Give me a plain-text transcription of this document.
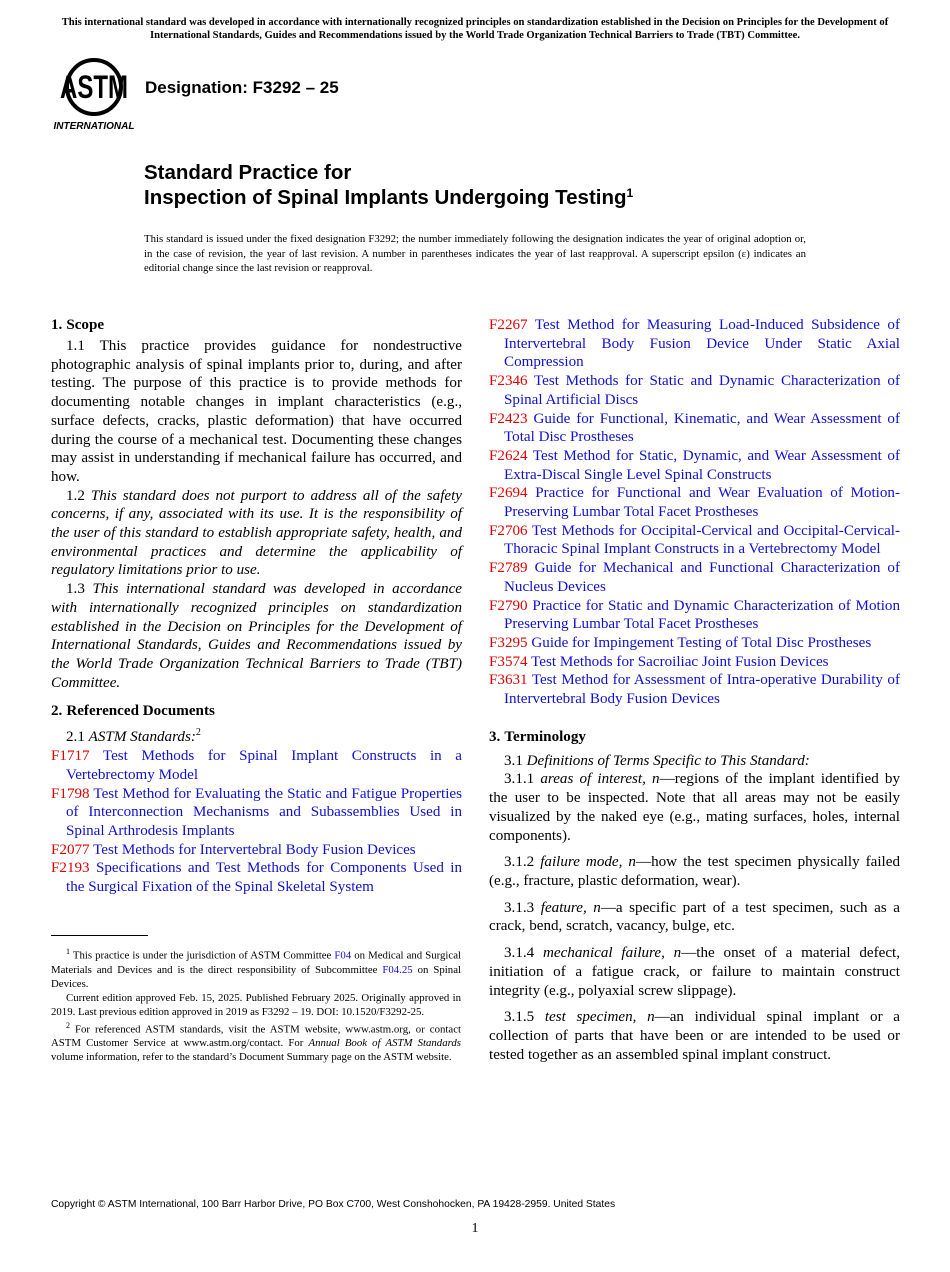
This international standard was developed in accordance with internationally recognized principles on standardization established in the Decision on Principles for the Development of International Standards, Guides and Recommendations issued by the World Trade Organization Technical Barriers to Trade (TBT) Committee.
ASTM
INTERNATIONAL
Designation: F3292 – 25
Standard Practice for
Inspection of Spinal Implants Undergoing Testing$^1$
This standard is issued under the fixed designation F3292; the number immediately following the designation indicates the year of original adoption or, in the case of revision, the year of last revision. A number in parentheses indicates the year of last reapproval. A superscript epsilon (ε) indicates an editorial change since the last revision or reapproval.
1. Scope

1.1 This practice provides guidance for nondestructive photographic analysis of spinal implants prior to, during, and after testing. The purpose of this practice is to provide methods for documenting notable changes in implant characteristics (e.g., surface defects, cracks, plastic deformation) that have occurred during the course of a mechanical test. Documenting these changes may assist in understanding if mechanical failure has occurred, and how.

1.2 This standard does not purport to address all of the safety concerns, if any, associated with its use. It is the responsibility of the user of this standard to establish appropriate safety, health, and environmental practices and determine the applicability of regulatory limitations prior to use.

1.3 This international standard was developed in accordance with internationally recognized principles on standardization established in the Decision on Principles for the Development of International Standards, Guides and Recommendations issued by the World Trade Organization Technical Barriers to Trade (TBT) Committee.

2. Referenced Documents

2.1 ASTM Standards:$^2$

F1717 Test Methods for Spinal Implant Constructs in a Vertebrectomy Model

F1798 Test Method for Evaluating the Static and Fatigue Properties of Interconnection Mechanisms and Subassemblies Used in Spinal Arthrodesis Implants

F2077 Test Methods for Intervertebral Body Fusion Devices

F2193 Specifications and Test Methods for Components Used in the Surgical Fixation of the Spinal Skeletal System

F2267 Test Method for Measuring Load-Induced Subsidence of Intervertebral Body Fusion Device Under Static Axial Compression

F2346 Test Methods for Static and Dynamic Characterization of Spinal Artificial Discs

F2423 Guide for Functional, Kinematic, and Wear Assessment of Total Disc Prostheses

F2624 Test Method for Static, Dynamic, and Wear Assessment of Extra-Discal Single Level Spinal Constructs

F2694 Practice for Functional and Wear Evaluation of Motion-Preserving Lumbar Total Facet Prostheses

F2706 Test Methods for Occipital-Cervical and Occipital-Cervical-Thoracic Spinal Implant Constructs in a Vertebrectomy Model

F2789 Guide for Mechanical and Functional Characterization of Nucleus Devices

F2790 Practice for Static and Dynamic Characterization of Motion Preserving Lumbar Total Facet Prostheses

F3295 Guide for Impingement Testing of Total Disc Prostheses

F3574 Test Methods for Sacroiliac Joint Fusion Devices

F3631 Test Method for Assessment of Intra-operative Durability of Intervertebral Body Fusion Devices

3. Terminology

3.1 Definitions of Terms Specific to This Standard:

3.1.1 areas of interest, n—regions of the implant identified by the user to be inspected. Note that all areas may not be easily visualized by the naked eye (e.g., mating surfaces, holes, internal components).

3.1.2 failure mode, n—how the test specimen physically failed (e.g., fracture, plastic deformation, wear).

3.1.3 feature, n—a specific part of a test specimen, such as a crack, bend, scratch, vacancy, bulge, etc.

3.1.4 mechanical failure, n—the onset of a material defect, initiation of a fatigue crack, or failure to maintain construct integrity (e.g., polyaxial screw slippage).

3.1.5 test specimen, n—an individual spinal implant or a collection of parts that have been or are intended to be used or tested together as an assembled spinal implant construct.

$^1$ This practice is under the jurisdiction of ASTM Committee F04 on Medical and Surgical Materials and Devices and is the direct responsibility of Subcommittee F04.25 on Spinal Devices.

Current edition approved Feb. 15, 2025. Published February 2025. Originally approved in 2019. Last previous edition approved in 2019 as F3292 – 19. DOI: 10.1520/F3292-25.

$^2$ For referenced ASTM standards, visit the ASTM website, www.astm.org, or contact ASTM Customer Service at www.astm.org/contact. For Annual Book of ASTM Standards volume information, refer to the standard’s Document Summary page on the ASTM website.

Copyright © ASTM International, 100 Barr Harbor Drive, PO Box C700, West Conshohocken, PA 19428-2959. United States
1
